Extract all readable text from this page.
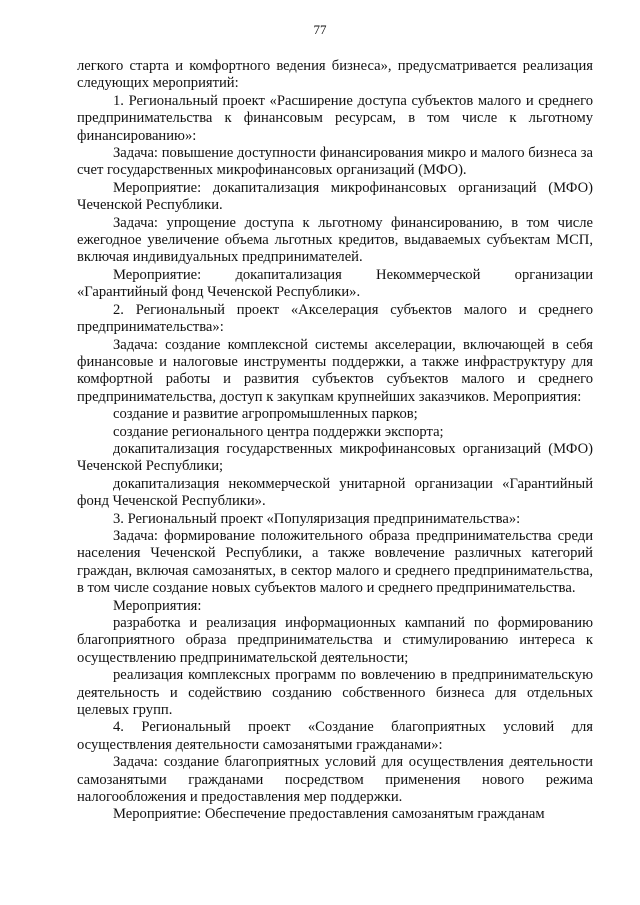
77

легкого старта и комфортного ведения бизнеса», предусматривается реализация следующих мероприятий:

1. Региональный проект «Расширение доступа субъектов малого и среднего предпринимательства к финансовым ресурсам, в том числе к льготному финансированию»:

Задача: повышение доступности финансирования микро и малого бизнеса за счет государственных микрофинансовых организаций (МФО).

Мероприятие: докапитализация микрофинансовых организаций (МФО) Чеченской Республики.

Задача: упрощение доступа к льготному финансированию, в том числе ежегодное увеличение объема льготных кредитов, выдаваемых субъектам МСП, включая индивидуальных предпринимателей.

Мероприятие: докапитализация Некоммерческой организации «Гарантийный фонд Чеченской Республики».

2. Региональный проект «Акселерация субъектов малого и среднего предпринимательства»:

Задача: создание комплексной системы акселерации, включающей в себя финансовые и налоговые инструменты поддержки, а также инфраструктуру для комфортной работы и развития субъектов субъектов малого и среднего предпринимательства, доступ к закупкам крупнейших заказчиков. Мероприятия:

создание и развитие агропромышленных парков;

создание регионального центра поддержки экспорта;

докапитализация государственных микрофинансовых организаций (МФО) Чеченской Республики;

докапитализация некоммерческой унитарной организации «Гарантийный фонд Чеченской Республики».

3. Региональный проект «Популяризация предпринимательства»:

Задача: формирование положительного образа предпринимательства среди населения Чеченской Республики, а также вовлечение различных категорий граждан, включая самозанятых, в сектор малого и среднего предпринимательства, в том числе создание новых субъектов малого и среднего предпринимательства.

Мероприятия:

разработка и реализация информационных кампаний по формированию благоприятного образа предпринимательства и стимулированию интереса к осуществлению предпринимательской деятельности;

реализация комплексных программ по вовлечению в предпринимательскую деятельность и содействию созданию собственного бизнеса для отдельных целевых групп.

4. Региональный проект «Создание благоприятных условий для осуществления деятельности самозанятыми гражданами»:

Задача: создание благоприятных условий для осуществления деятельности самозанятыми гражданами посредством применения нового режима налогообложения и предоставления мер поддержки.

Мероприятие: Обеспечение предоставления самозанятым гражданам
